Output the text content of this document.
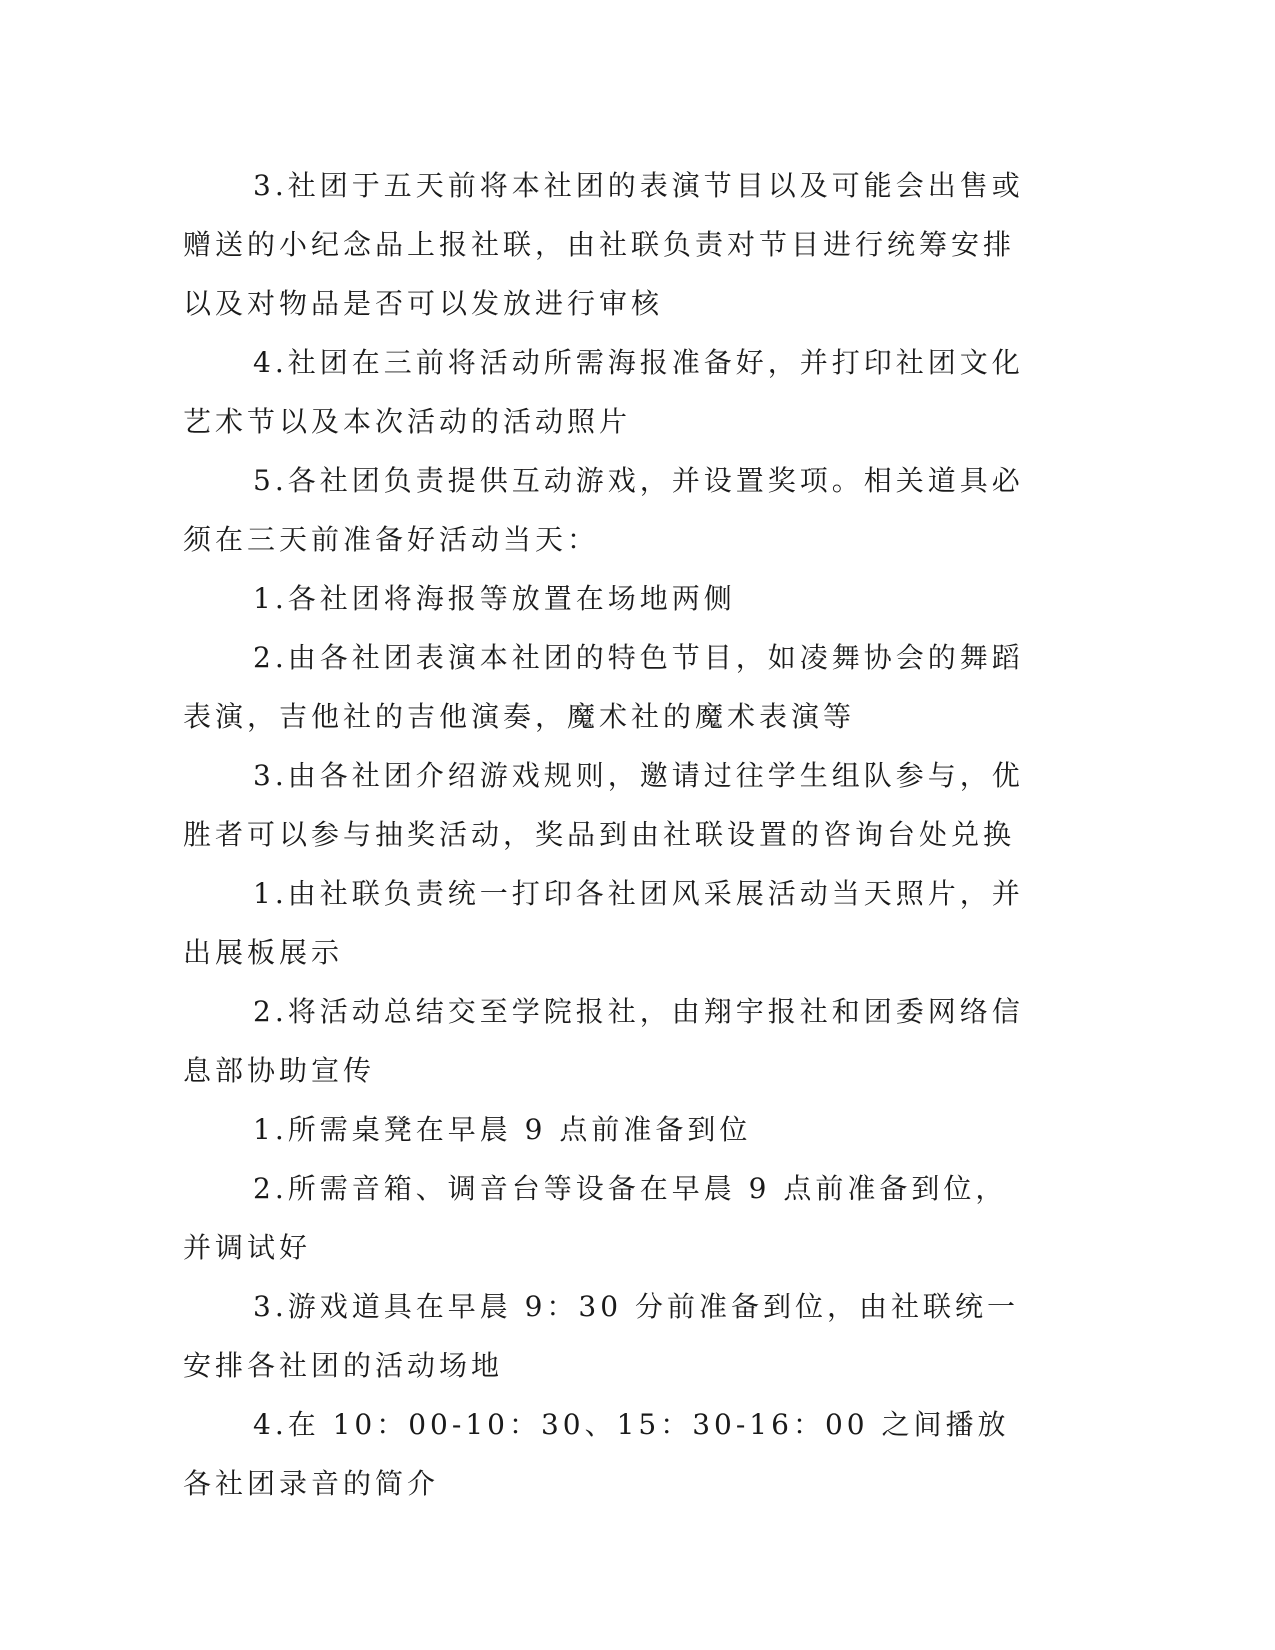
3.社团于五天前将本社团的表演节目以及可能会出售或赠送的小纪念品上报社联，由社联负责对节目进行统筹安排以及对物品是否可以发放进行审核

4.社团在三前将活动所需海报准备好，并打印社团文化艺术节以及本次活动的活动照片

5.各社团负责提供互动游戏，并设置奖项。相关道具必须在三天前准备好活动当天：

1.各社团将海报等放置在场地两侧

2.由各社团表演本社团的特色节目，如凌舞协会的舞蹈表演，吉他社的吉他演奏，魔术社的魔术表演等

3.由各社团介绍游戏规则，邀请过往学生组队参与，优胜者可以参与抽奖活动，奖品到由社联设置的咨询台处兑换

1.由社联负责统一打印各社团风采展活动当天照片，并出展板展示

2.将活动总结交至学院报社，由翔宇报社和团委网络信息部协助宣传

1.所需桌凳在早晨 9 点前准备到位

2.所需音箱、调音台等设备在早晨 9 点前准备到位，并调试好

3.游戏道具在早晨 9：30 分前准备到位，由社联统一安排各社团的活动场地

4.在 10：00-10：30、15：30-16：00 之间播放各社团录音的简介
